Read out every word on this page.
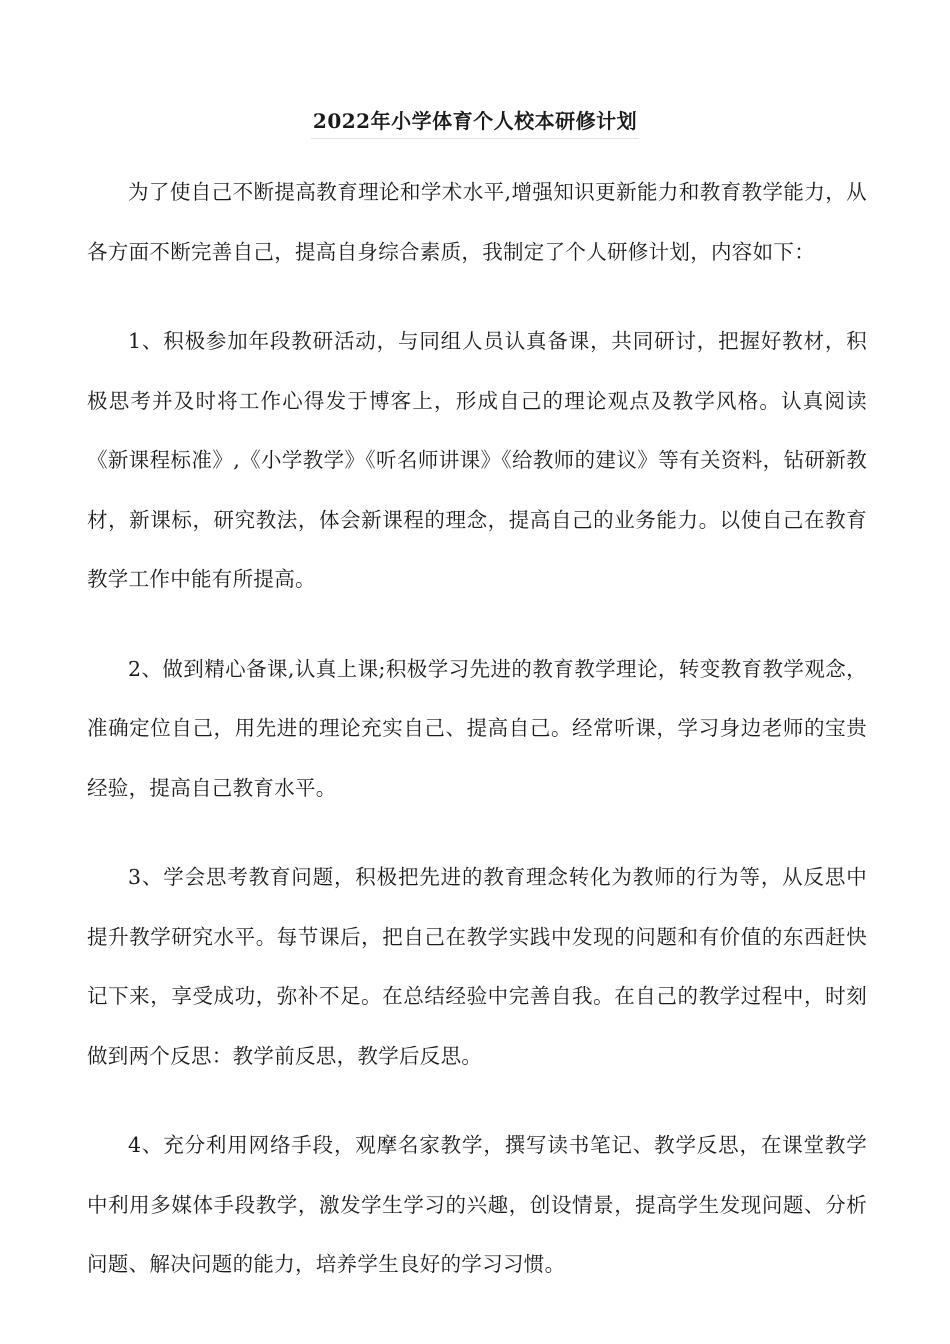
2022年小学体育个人校本研修计划

为了使自己不断提高教育理论和学术水平,增强知识更新能力和教育教学能力，从各方面不断完善自己，提高自身综合素质，我制定了个人研修计划，内容如下：

1、积极参加年段教研活动，与同组人员认真备课，共同研讨，把握好教材，积极思考并及时将工作心得发于博客上，形成自己的理论观点及教学风格。认真阅读《新课程标准》,《小学教学》《听名师讲课》《给教师的建议》等有关资料，钻研新教材，新课标，研究教法，体会新课程的理念，提高自己的业务能力。以使自己在教育教学工作中能有所提高。

2、做到精心备课,认真上课;积极学习先进的教育教学理论，转变教育教学观念，准确定位自己，用先进的理论充实自己、提高自己。经常听课，学习身边老师的宝贵经验，提高自己教育水平。

3、学会思考教育问题，积极把先进的教育理念转化为教师的行为等，从反思中提升教学研究水平。每节课后，把自己在教学实践中发现的问题和有价值的东西赶快记下来，享受成功，弥补不足。在总结经验中完善自我。在自己的教学过程中，时刻做到两个反思：教学前反思，教学后反思。

4、充分利用网络手段，观摩名家教学，撰写读书笔记、教学反思，在课堂教学中利用多媒体手段教学，激发学生学习的兴趣，创设情景，提高学生发现问题、分析问题、解决问题的能力，培养学生良好的学习习惯。
